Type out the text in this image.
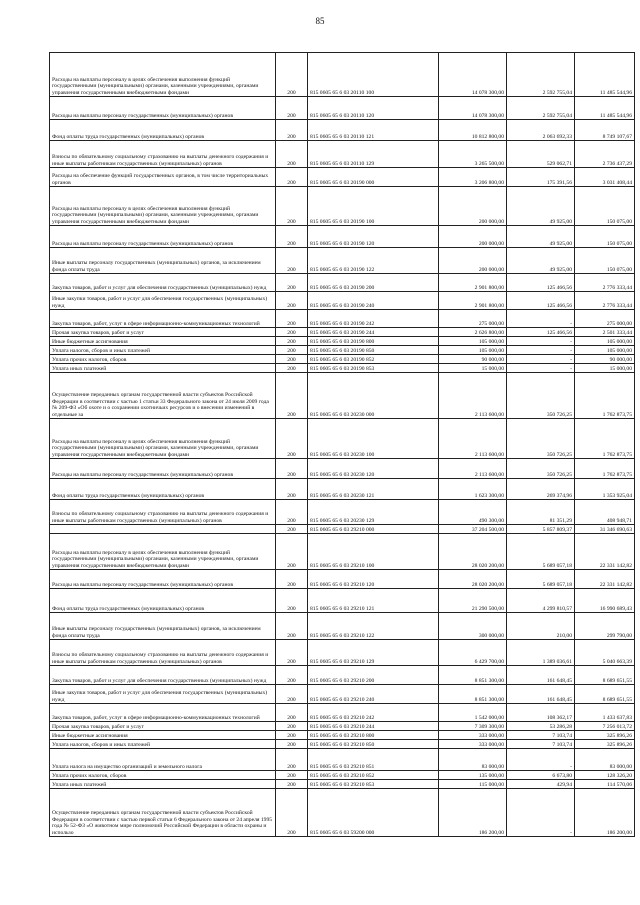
85
Расходы на выплаты персоналу в целях обеспечения выполнения функций государственными (муниципальными) органами, казенными учреждениями, органами управления государственными внебюджетными фондами	200	815 0605 65 6 03 20110 100	14 078 300,00	2 592 755,04	11 485 544,96
Расходы на выплаты персоналу государственных (муниципальных) органов	200	815 0605 65 6 03 20110 120	14 078 300,00	2 592 755,04	11 485 544,96
Фонд оплаты труда государственных (муниципальных) органов	200	815 0605 65 6 03 20110 121	10 812 800,00	2 063 692,33	8 749 107,67
Взносы по обязательному социальному страхованию на выплаты денежного содержания и иные выплаты работникам государственных (муниципальных) органов	200	815 0605 65 6 03 20110 129	3 265 500,00	529 062,71	2 736 437,29
Расходы на обеспечение функций государственных органов, в том числе территориальных органов	200	815 0605 65 6 03 20190 000	3 206 800,00	175 391,56	3 031 408,44
Расходы на выплаты персоналу в целях обеспечения выполнения функций государственными (муниципальными) органами, казенными учреждениями, органами управления государственными внебюджетными фондами	200	815 0605 65 6 03 20190 100	200 000,00	49 925,00	150 075,00
Расходы на выплаты персоналу государственных (муниципальных) органов	200	815 0605 65 6 03 20190 120	200 000,00	49 925,00	150 075,00
Иные выплаты персоналу государственных (муниципальных) органов, за исключением фонда оплаты труда	200	815 0605 65 6 03 20190 122	200 000,00	49 925,00	150 075,00
Закупка товаров, работ и услуг для обеспечения государственных (муниципальных) нужд	200	815 0605 65 6 03 20190 200	2 901 800,00	125 466,56	2 776 333,44
Иные закупки товаров, работ и услуг для обеспечения государственных (муниципальных) нужд	200	815 0605 65 6 03 20190 240	2 901 800,00	125 466,56	2 776 333,44
Закупка товаров, работ, услуг в сфере информационно-коммуникационных технологий	200	815 0605 65 6 03 20190 242	275 000,00	-	275 000,00
Прочая закупка товаров, работ и услуг	200	815 0605 65 6 03 20190 244	2 626 800,00	125 466,56	2 501 333,44
Иные бюджетные ассигнования	200	815 0605 65 6 03 20190 800	105 000,00	-	105 000,00
Уплата налогов, сборов и иных платежей	200	815 0605 65 6 03 20190 850	105 000,00	-	105 000,00
Уплата прочих налогов, сборов	200	815 0605 65 6 03 20190 852	90 000,00	-	90 000,00
Уплата иных платежей	200	815 0605 65 6 03 20190 853	15 000,00	-	15 000,00
Осуществление переданных органам государственной власти субъектов Российской Федерации в соответствии с частью 1 статьи 33 Федерального закона от 24 июля 2009 года № 209-ФЗ «Об охоте и о сохранении охотничьих ресурсов и о внесении изменений в отдельные за	200	815 0605 65 6 03 20230 000	2 113 600,00	350 726,25	1 762 873,75
Расходы на выплаты персоналу в целях обеспечения выполнения функций государственными (муниципальными) органами, казенными учреждениями, органами управления государственными внебюджетными фондами	200	815 0605 65 6 03 20230 100	2 113 600,00	350 726,25	1 762 873,75
Расходы на выплаты персоналу государственных (муниципальных) органов	200	815 0605 65 6 03 20230 120	2 113 600,00	350 726,25	1 762 873,75
Фонд оплаты труда государственных (муниципальных) органов	200	815 0605 65 6 03 20230 121	1 623 300,00	269 374,96	1 353 925,04
Взносы по обязательному социальному страхованию на выплаты денежного содержания и иные выплаты работникам государственных (муниципальных) органов	200	815 0605 65 6 03 20230 129	490 300,00	81 351,29	408 948,71
	200	815 0605 65 6 03 29210 000	37 204 500,00	5 857 809,37	31 346 690,63
Расходы на выплаты персоналу в целях обеспечения выполнения функций государственными (муниципальными) органами, казенными учреждениями, органами управления государственными внебюджетными фондами	200	815 0605 65 6 03 29210 100	28 020 200,00	5 689 057,18	22 331 142,82
Расходы на выплаты персоналу государственных (муниципальных) органов	200	815 0605 65 6 03 29210 120	28 020 200,00	5 689 057,18	22 331 142,82
Фонд оплаты труда государственных (муниципальных) органов	200	815 0605 65 6 03 29210 121	21 290 500,00	4 299 810,57	16 990 689,43
Иные выплаты персоналу государственных (муниципальных) органов, за исключением фонда оплаты труда	200	815 0605 65 6 03 29210 122	300 000,00	210,00	299 790,00
Взносы по обязательному социальному страхованию на выплаты денежного содержания и иные выплаты работникам государственных (муниципальных) органов	200	815 0605 65 6 03 29210 129	6 429 700,00	1 389 036,61	5 040 663,39
Закупка товаров, работ и услуг для обеспечения государственных (муниципальных) нужд	200	815 0605 65 6 03 29210 200	8 851 300,00	161 648,45	8 689 651,55
Иные закупки товаров, работ и услуг для обеспечения государственных (муниципальных) нужд	200	815 0605 65 6 03 29210 240	8 851 300,00	161 648,45	8 689 651,55
Закупка товаров, работ, услуг в сфере информационно-коммуникационных технологий	200	815 0605 65 6 03 29210 242	1 542 000,00	108 362,17	1 433 637,83
Прочая закупка товаров, работ и услуг	200	815 0605 65 6 03 29210 244	7 309 300,00	53 286,28	7 256 013,72
Иные бюджетные ассигнования	200	815 0605 65 6 03 29210 800	333 000,00	7 103,74	325 896,26
Уплата налогов, сборов и иных платежей	200	815 0605 65 6 03 29210 850	333 000,00	7 103,74	325 896,26
Уплата налога на имущество организаций и земельного налога	200	815 0605 65 6 03 29210 851	83 000,00	-	83 000,00
Уплата прочих налогов, сборов	200	815 0605 65 6 03 29210 852	135 000,00	6 673,80	128 326,20
Уплата иных платежей	200	815 0605 65 6 03 29210 853	115 000,00	429,94	114 570,06
Осуществление переданных органам государственной власти субъектов Российской Федерации в соответствии с частью первой статьи 6 Федерального закона от 24 апреля 1995 года № 52-ФЗ «О животном мире полномочий Российской Федерации в области охраны и использо	200	815 0605 65 6 03 59200 000	186 200,00	-	186 200,00
